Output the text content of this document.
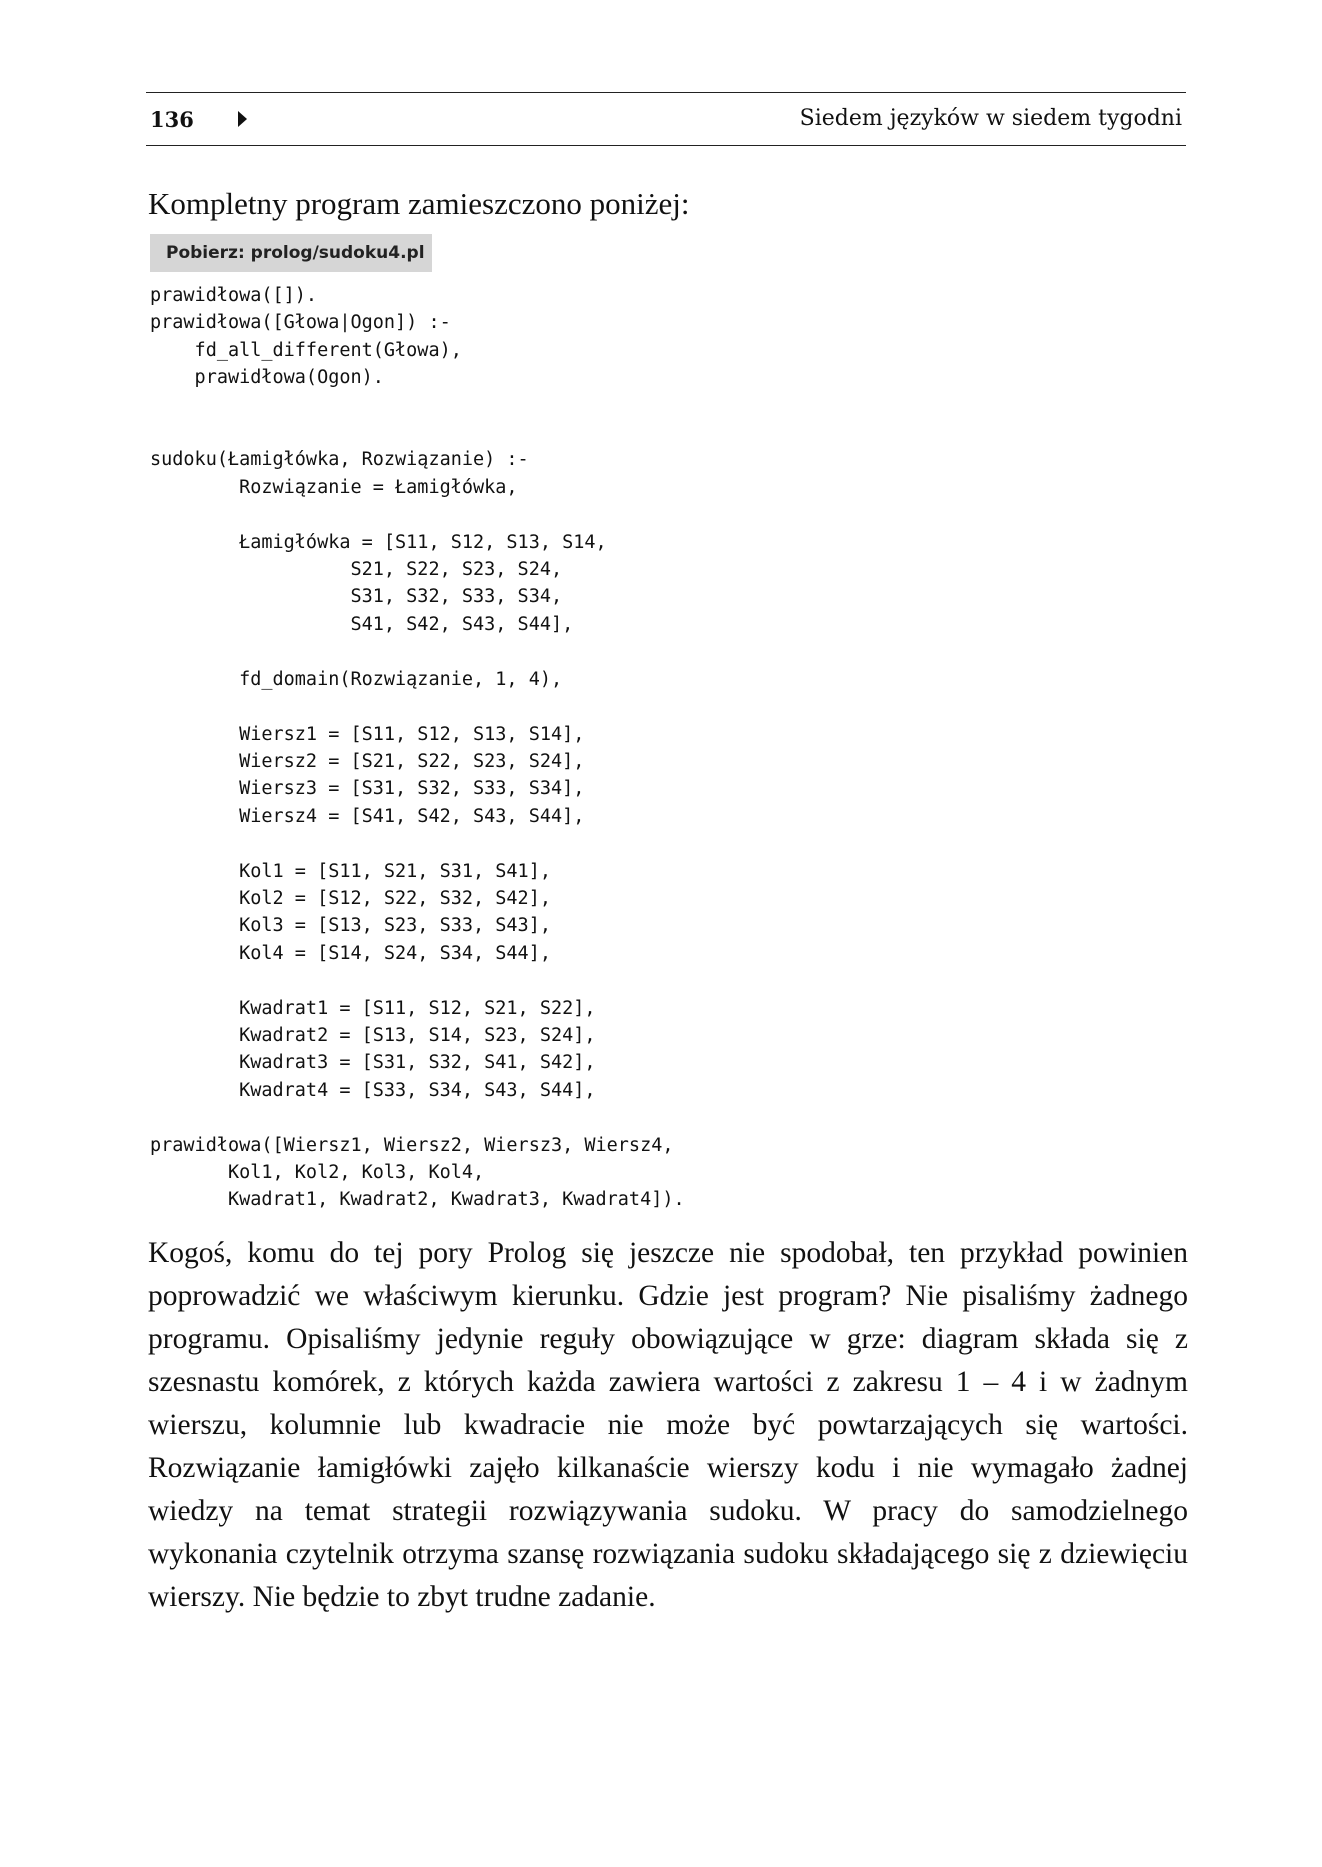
136	Siedem języków w siedem tygodni

Kompletny program zamieszczono poniżej:

Pobierz: prolog/sudoku4.pl
prawidłowa([]).
prawidłowa([Głowa|Ogon]) :-
fd_all_different(Głowa),
prawidłowa(Ogon).

sudoku(Łamigłówka, Rozwiązanie) :-
Rozwiązanie = Łamigłówka,

Łamigłówka = [S11, S12, S13, S14,
S21, S22, S23, S24,
S31, S32, S33, S34,
S41, S42, S43, S44],

fd_domain(Rozwiązanie, 1, 4),

Wiersz1 = [S11, S12, S13, S14],
Wiersz2 = [S21, S22, S23, S24],
Wiersz3 = [S31, S32, S33, S34],
Wiersz4 = [S41, S42, S43, S44],

Kol1 = [S11, S21, S31, S41],
Kol2 = [S12, S22, S32, S42],
Kol3 = [S13, S23, S33, S43],
Kol4 = [S14, S24, S34, S44],

Kwadrat1 = [S11, S12, S21, S22],
Kwadrat2 = [S13, S14, S23, S24],
Kwadrat3 = [S31, S32, S41, S42],
Kwadrat4 = [S33, S34, S43, S44],

prawidłowa([Wiersz1, Wiersz2, Wiersz3, Wiersz4,
Kol1, Kol2, Kol3, Kol4,
Kwadrat1, Kwadrat2, Kwadrat3, Kwadrat4]).

Kogoś, komu do tej pory Prolog się jeszcze nie spodobał, ten przykład powinien poprowadzić we właściwym kierunku. Gdzie jest program? Nie pisaliśmy żadnego programu. Opisaliśmy jedynie reguły obowiązujące w grze: diagram składa się z szesnastu komórek, z których każda zawiera wartości z zakresu 1 – 4 i w żadnym wierszu, kolumnie lub kwadracie nie może być powtarzających się wartości. Rozwiązanie łamigłówki zajęło kilkanaście wierszy kodu i nie wymagało żadnej wiedzy na temat strategii rozwiązywania sudoku. W pracy do samodzielnego wykonania czytelnik otrzyma szansę rozwiązania sudoku składającego się z dziewięciu wierszy. Nie będzie to zbyt trudne zadanie.
